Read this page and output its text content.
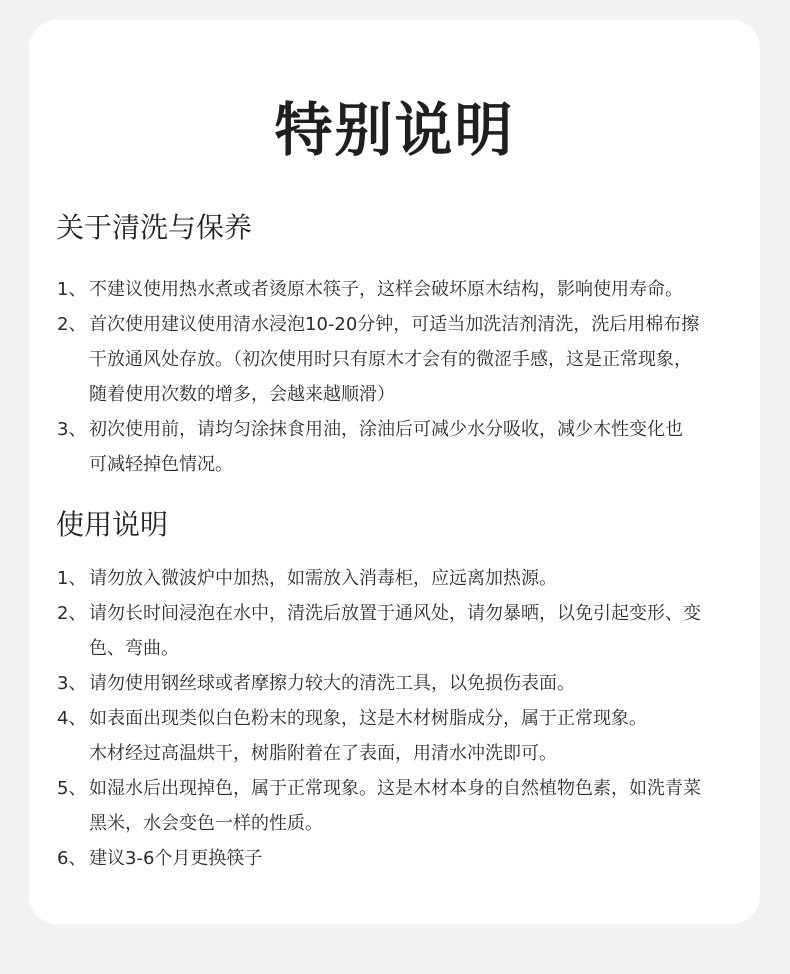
特别说明
关于清洗与保养
1、 不建议使用热水煮或者烫原木筷子，这样会破坏原木结构，影响使用寿命。
2、 首次使用建议使用清水浸泡10-20分钟，可适当加洗洁剂清洗，洗后用棉布擦
干放通风处存放。（初次使用时只有原木才会有的微涩手感，这是正常现象，
随着使用次数的增多，会越来越顺滑）
3、 初次使用前，请均匀涂抹食用油，涂油后可减少水分吸收，减少木性变化也
可减轻掉色情况。
使用说明
1、 请勿放入微波炉中加热，如需放入消毒柜，应远离加热源。
2、 请勿长时间浸泡在水中，清洗后放置于通风处，请勿暴晒，以免引起变形、变
色、弯曲。
3、 请勿使用钢丝球或者摩擦力较大的清洗工具，以免损伤表面。
4、 如表面出现类似白色粉末的现象，这是木材树脂成分，属于正常现象。
木材经过高温烘干，树脂附着在了表面，用清水冲洗即可。
5、 如湿水后出现掉色，属于正常现象。这是木材本身的自然植物色素，如洗青菜
黑米，水会变色一样的性质。
6、 建议3-6个月更换筷子
